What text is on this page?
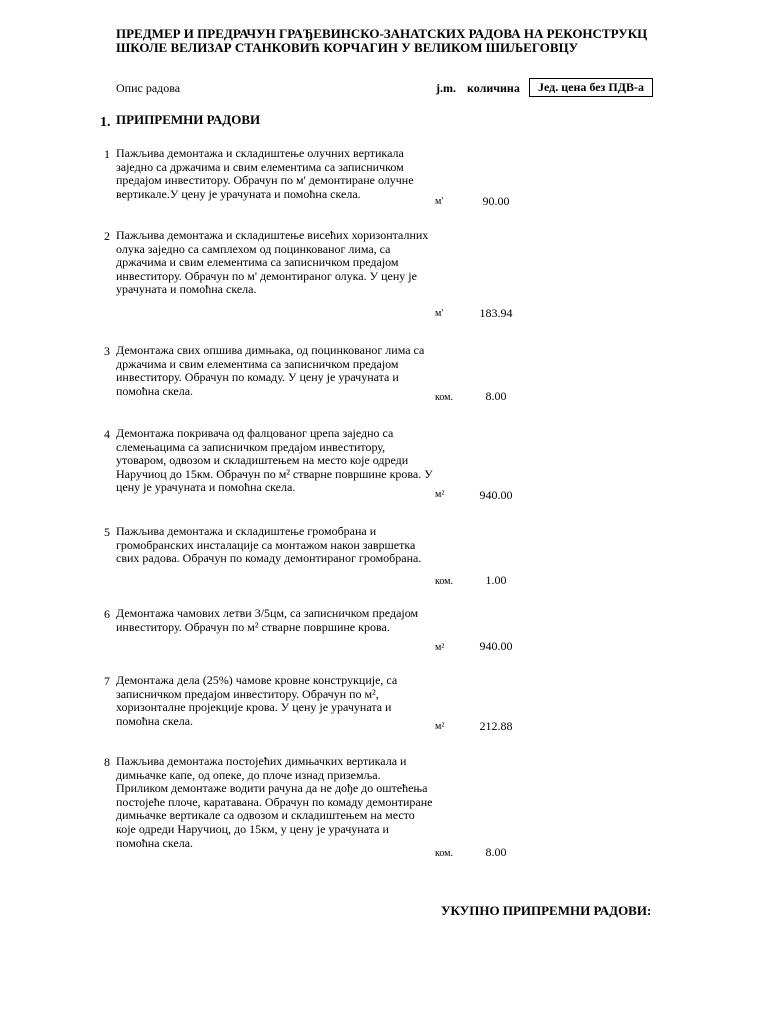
ПРЕДМЕР И ПРЕДРАЧУН ГРАЂЕВИНСКО-ЗАНАТСКИХ РАДОВА НА РЕКОНСТРУКЦ
ШКОЛЕ ВЕЛИЗАР СТАНКОВИЋ КОРЧАГИН У ВЕЛИКОМ ШИЉЕГОВЦУ
Опис радова	j.m. количина	Јед. цена без ПДВ-а
1. ПРИПРЕМНИ РАДОВИ
1 Пажљива демонтажа и складиштење олучних вертикала заједно са држачима и свим елементима са записничком предајом инвеститору. Обрачун по м' демонтиране олучне вертикале.У цену је урачуната и помоћна скела.
м'	90.00
2 Пажљива демонтажа и складиштење висећих хоризонталних олука заједно са самплехом од поцинкованог лима, са држачима и свим елементима са записничком предајом инвеститору. Обрачун по м' демонтираног олука. У цену је урачуната и помоћна скела.
м'	183.94
3 Демонтажа свих опшива димњака, од поцинкованог лима са држачима и свим елементима са записничком предајом инвеститору. Обрачун по комаду. У цену је урачуната и помоћна скела.	ком.	8.00
4 Демонтажа покривача од фалцованог црепа заједно са слемењацима са записничком предајом инвеститору, утоваром, одвозом и складиштењем на место које одреди Наручиоц до 15км. Обрачун по м² стварне површине крова. У цену је урачуната и помоћна скела.
м²	940.00
5 Пажљива демонтажа и складиштење громобрана и громобранских инсталације са монтажом након завршетка свих радова. Обрачун по комаду демонтираног громобрана.
ком.	1.00
6 Демонтажа чамових летви 3/5цм, са записничком предајом инвеститору. Обрачун по м² стварне површине крова.
м²	940.00
7 Демонтажа дела (25%) чамове кровне конструкције, са записничком предајом инвеститору. Обрачун по м², хоризонталне пројекције крова. У цену је урачуната и помоћна скела.	м²	212.88
8 Пажљива демонтажа постојећих димњачких вертикала и димњачке капе, од опеке, до плоче изнад приземља. Приликом демонтаже водити рачуна да не дође до оштећења постојеће плоче, каратавана. Обрачун по комаду демонтиране димњачке вертикале са одвозом и складиштењем на место које одреди Наручиоц, до 15км, у цену је урачуната и помоћна скела.
ком.	8.00
УКУПНО ПРИПРЕМНИ РАДОВИ:
